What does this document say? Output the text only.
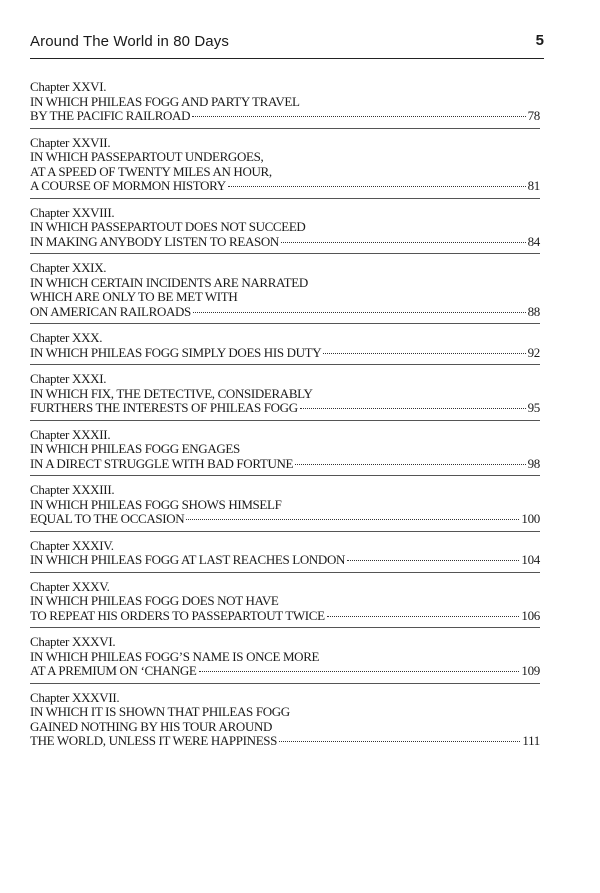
Around The World in 80 Days	5
Chapter XXVI.
IN WHICH PHILEAS FOGG AND PARTY TRAVEL
BY THE PACIFIC RAILROAD	78
Chapter XXVII.
IN WHICH PASSEPARTOUT UNDERGOES,
AT A SPEED OF TWENTY MILES AN HOUR,
A COURSE OF MORMON HISTORY	81
Chapter XXVIII.
IN WHICH PASSEPARTOUT DOES NOT SUCCEED
IN MAKING ANYBODY LISTEN TO REASON	84
Chapter XXIX.
IN WHICH CERTAIN INCIDENTS ARE NARRATED
WHICH ARE ONLY TO BE MET WITH
ON AMERICAN RAILROADS	88
Chapter XXX.
IN WHICH PHILEAS FOGG SIMPLY DOES HIS DUTY	92
Chapter XXXI.
IN WHICH FIX, THE DETECTIVE, CONSIDERABLY
FURTHERS THE INTERESTS OF PHILEAS FOGG	95
Chapter XXXII.
IN WHICH PHILEAS FOGG ENGAGES
IN A DIRECT STRUGGLE WITH BAD FORTUNE	98
Chapter XXXIII.
IN WHICH PHILEAS FOGG SHOWS HIMSELF
EQUAL TO THE OCCASION	100
Chapter XXXIV.
IN WHICH PHILEAS FOGG AT LAST REACHES LONDON	104
Chapter XXXV.
IN WHICH PHILEAS FOGG DOES NOT HAVE
TO REPEAT HIS ORDERS TO PASSEPARTOUT TWICE	106
Chapter XXXVI.
IN WHICH PHILEAS FOGG’S NAME IS ONCE MORE
AT A PREMIUM ON ‘CHANGE	109
Chapter XXXVII.
IN WHICH IT IS SHOWN THAT PHILEAS FOGG
GAINED NOTHING BY HIS TOUR AROUND
THE WORLD, UNLESS IT WERE HAPPINESS	111
